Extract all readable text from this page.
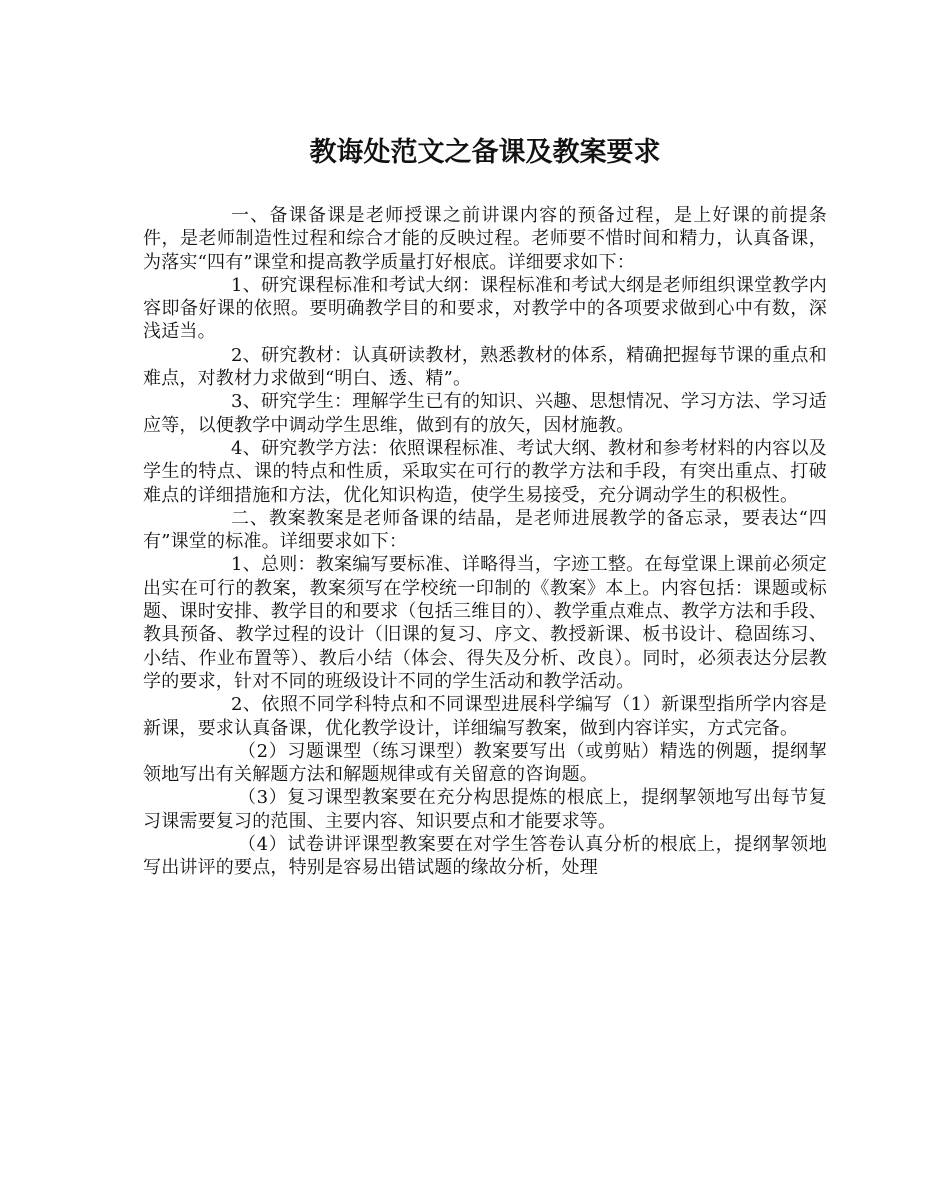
教诲处范文之备课及教案要求

一、备课备课是老师授课之前讲课内容的预备过程，是上好课的前提条件，是老师制造性过程和综合才能的反映过程。老师要不惜时间和精力，认真备课，为落实“四有”课堂和提高教学质量打好根底。详细要求如下：

1、研究课程标准和考试大纲：课程标准和考试大纲是老师组织课堂教学内容即备好课的依照。要明确教学目的和要求，对教学中的各项要求做到心中有数，深浅适当。

2、研究教材：认真研读教材，熟悉教材的体系，精确把握每节课的重点和难点，对教材力求做到“明白、透、精”。

3、研究学生：理解学生已有的知识、兴趣、思想情况、学习方法、学习适应等，以便教学中调动学生思维，做到有的放矢，因材施教。

4、研究教学方法：依照课程标准、考试大纲、教材和参考材料的内容以及学生的特点、课的特点和性质，采取实在可行的教学方法和手段，有突出重点、打破难点的详细措施和方法，优化知识构造，使学生易接受，充分调动学生的积极性。

二、教案教案是老师备课的结晶，是老师进展教学的备忘录，要表达“四有”课堂的标准。详细要求如下：

1、总则：教案编写要标准、详略得当，字迹工整。在每堂课上课前必须定出实在可行的教案，教案须写在学校统一印制的《教案》本上。内容包括：课题或标题、课时安排、教学目的和要求（包括三维目的）、教学重点难点、教学方法和手段、教具预备、教学过程的设计（旧课的复习、序文、教授新课、板书设计、稳固练习、小结、作业布置等）、教后小结（体会、得失及分析、改良）。同时，必须表达分层教学的要求，针对不同的班级设计不同的学生活动和教学活动。

2、依照不同学科特点和不同课型进展科学编写（1）新课型指所学内容是新课，要求认真备课，优化教学设计，详细编写教案，做到内容详实，方式完备。

（2）习题课型（练习课型）教案要写出（或剪贴）精选的例题，提纲挈领地写出有关解题方法和解题规律或有关留意的咨询题。

（3）复习课型教案要在充分构思提炼的根底上，提纲挈领地写出每节复习课需要复习的范围、主要内容、知识要点和才能要求等。

（4）试卷讲评课型教案要在对学生答卷认真分析的根底上，提纲挈领地写出讲评的要点，特别是容易出错试题的缘故分析，处理
